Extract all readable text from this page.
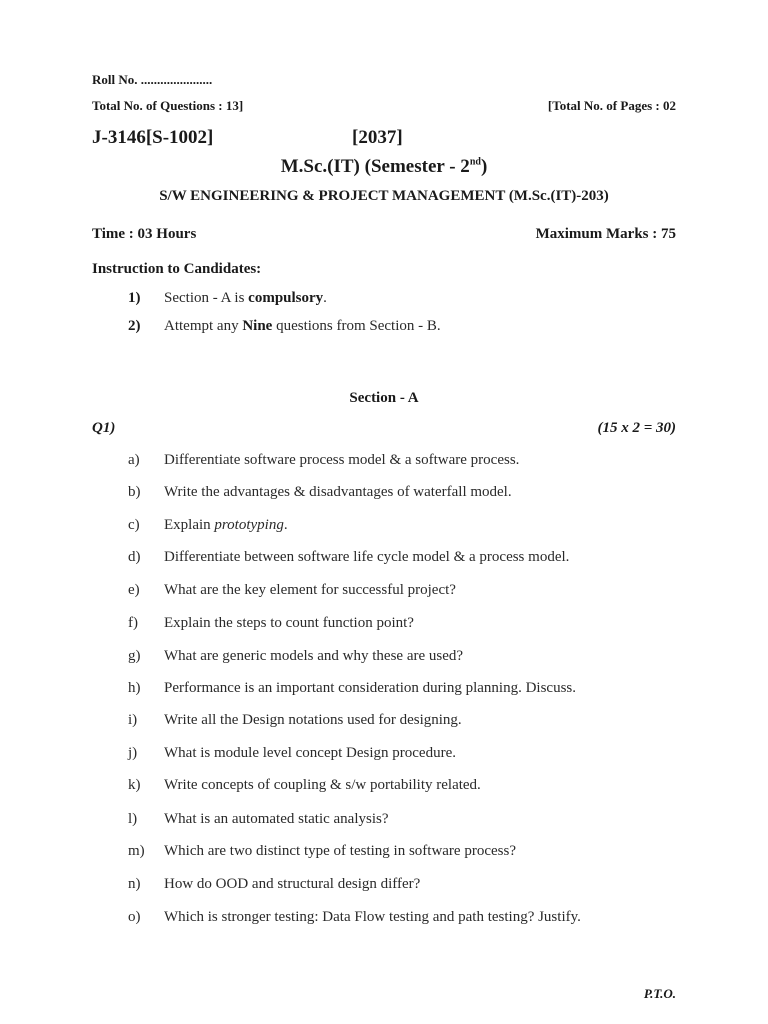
Roll No. ......................
Total No. of Questions : 13]	[Total No. of Pages : 02
J-3146[S-1002]	[2037]
M.Sc.(IT) (Semester - 2nd)
S/W ENGINEERING & PROJECT MANAGEMENT (M.Sc.(IT)-203)
Time : 03 Hours	Maximum Marks : 75
Instruction to Candidates:
1) Section - A is compulsory.
2) Attempt any Nine questions from Section - B.
Section - A
Q1)	(15 x 2 = 30)
a)	Differentiate software process model & a software process.
b)	Write the advantages & disadvantages of waterfall model.
c)	Explain prototyping.
d)	Differentiate between software life cycle model & a process model.
e)	What are the key element for successful project?
f)	Explain the steps to count function point?
g)	What are generic models and why these are used?
h)	Performance is an important consideration during planning. Discuss.
i)	Write all the Design notations used for designing.
j)	What is module level concept Design procedure.
k)	Write concepts of coupling & s/w portability related.
l)	What is an automated static analysis?
m)	Which are two distinct type of testing in software process?
n)	How do OOD and structural design differ?
o)	Which is stronger testing: Data Flow testing and path testing? Justify.
P.T.O.
